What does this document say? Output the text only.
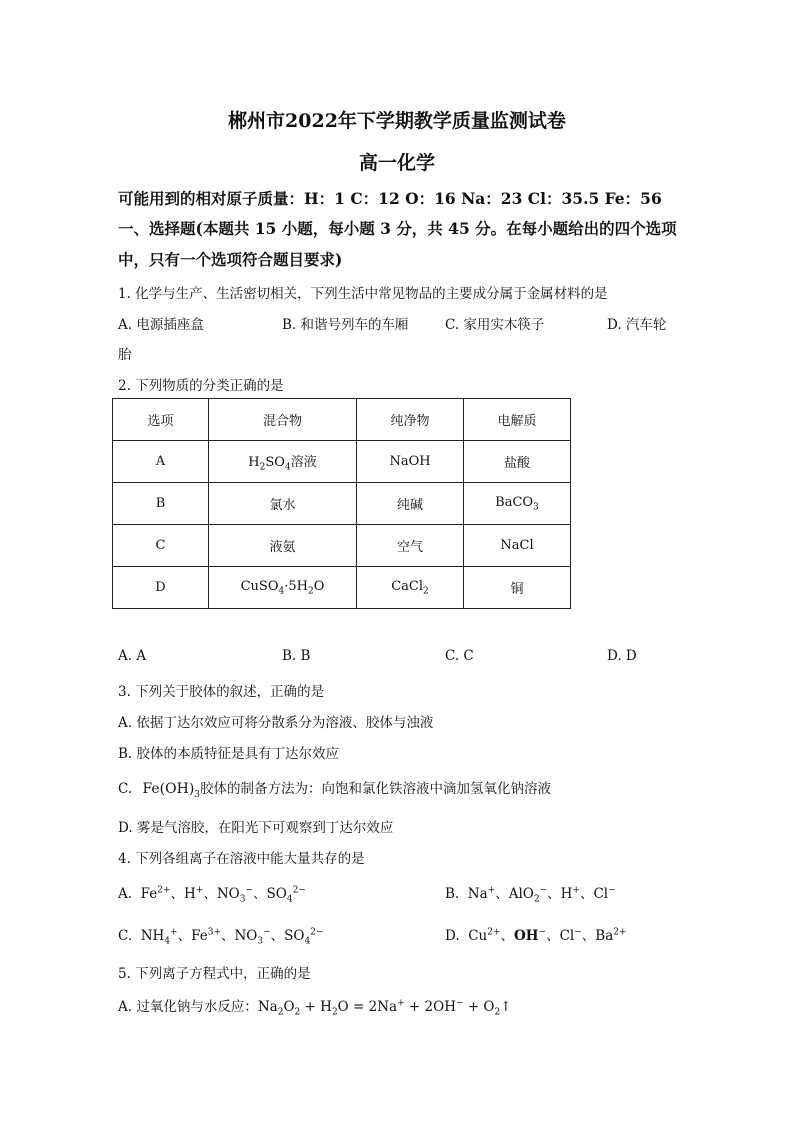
郴州市2022年下学期教学质量监测试卷
高一化学
可能用到的相对原子质量：H：1 C：12 O：16 Na：23 Cl：35.5 Fe：56
一、选择题(本题共 15 小题，每小题 3 分，共 45 分。在每小题给出的四个选项
中，只有一个选项符合题目要求)
1. 化学与生产、生活密切相关，下列生活中常见物品的主要成分属于金属材料的是
A. 电源插座盒	B. 和谐号列车的车厢	C. 家用实木筷子	D. 汽车轮
胎
2. 下列物质的分类正确的是
选项	混合物	纯净物	电解质
A	$H_2SO_4$溶液	NaOH	盐酸
B	氯水	纯碱	BaCO$_3$
C	液氨	空气	NaCl
D	$CuSO_4\cdot 5H_2O$	CaCl$_2$	铜
A. A	B. B	C. C	D. D
3. 下列关于胶体的叙述，正确的是
A. 依据丁达尔效应可将分散系分为溶液、胶体与浊液
B. 胶体的本质特征是具有丁达尔效应
C. $Fe(OH)_3$胶体的制备方法为：向饱和氯化铁溶液中滴加氢氧化钠溶液
D. 雾是气溶胶，在阳光下可观察到丁达尔效应
4. 下列各组离子在溶液中能大量共存的是
A.  $Fe^{2+}$、H+、$NO_3^-$、$SO_4^{2-}$	B.  Na+、AlO$_2$−、H+、Cl−
C.  $NH_4^+$、$Fe^{3+}$、$NO_3^-$、$SO_4^{2-}$	D.  $Cu^{2+}$、OH−、Cl−、$Ba^{2+}$
5. 下列离子方程式中，正确的是
A. 过氧化钠与水反应：$Na_2O_2 + H_2O = 2Na^+ + 2OH^-$ + $O_2↑$
